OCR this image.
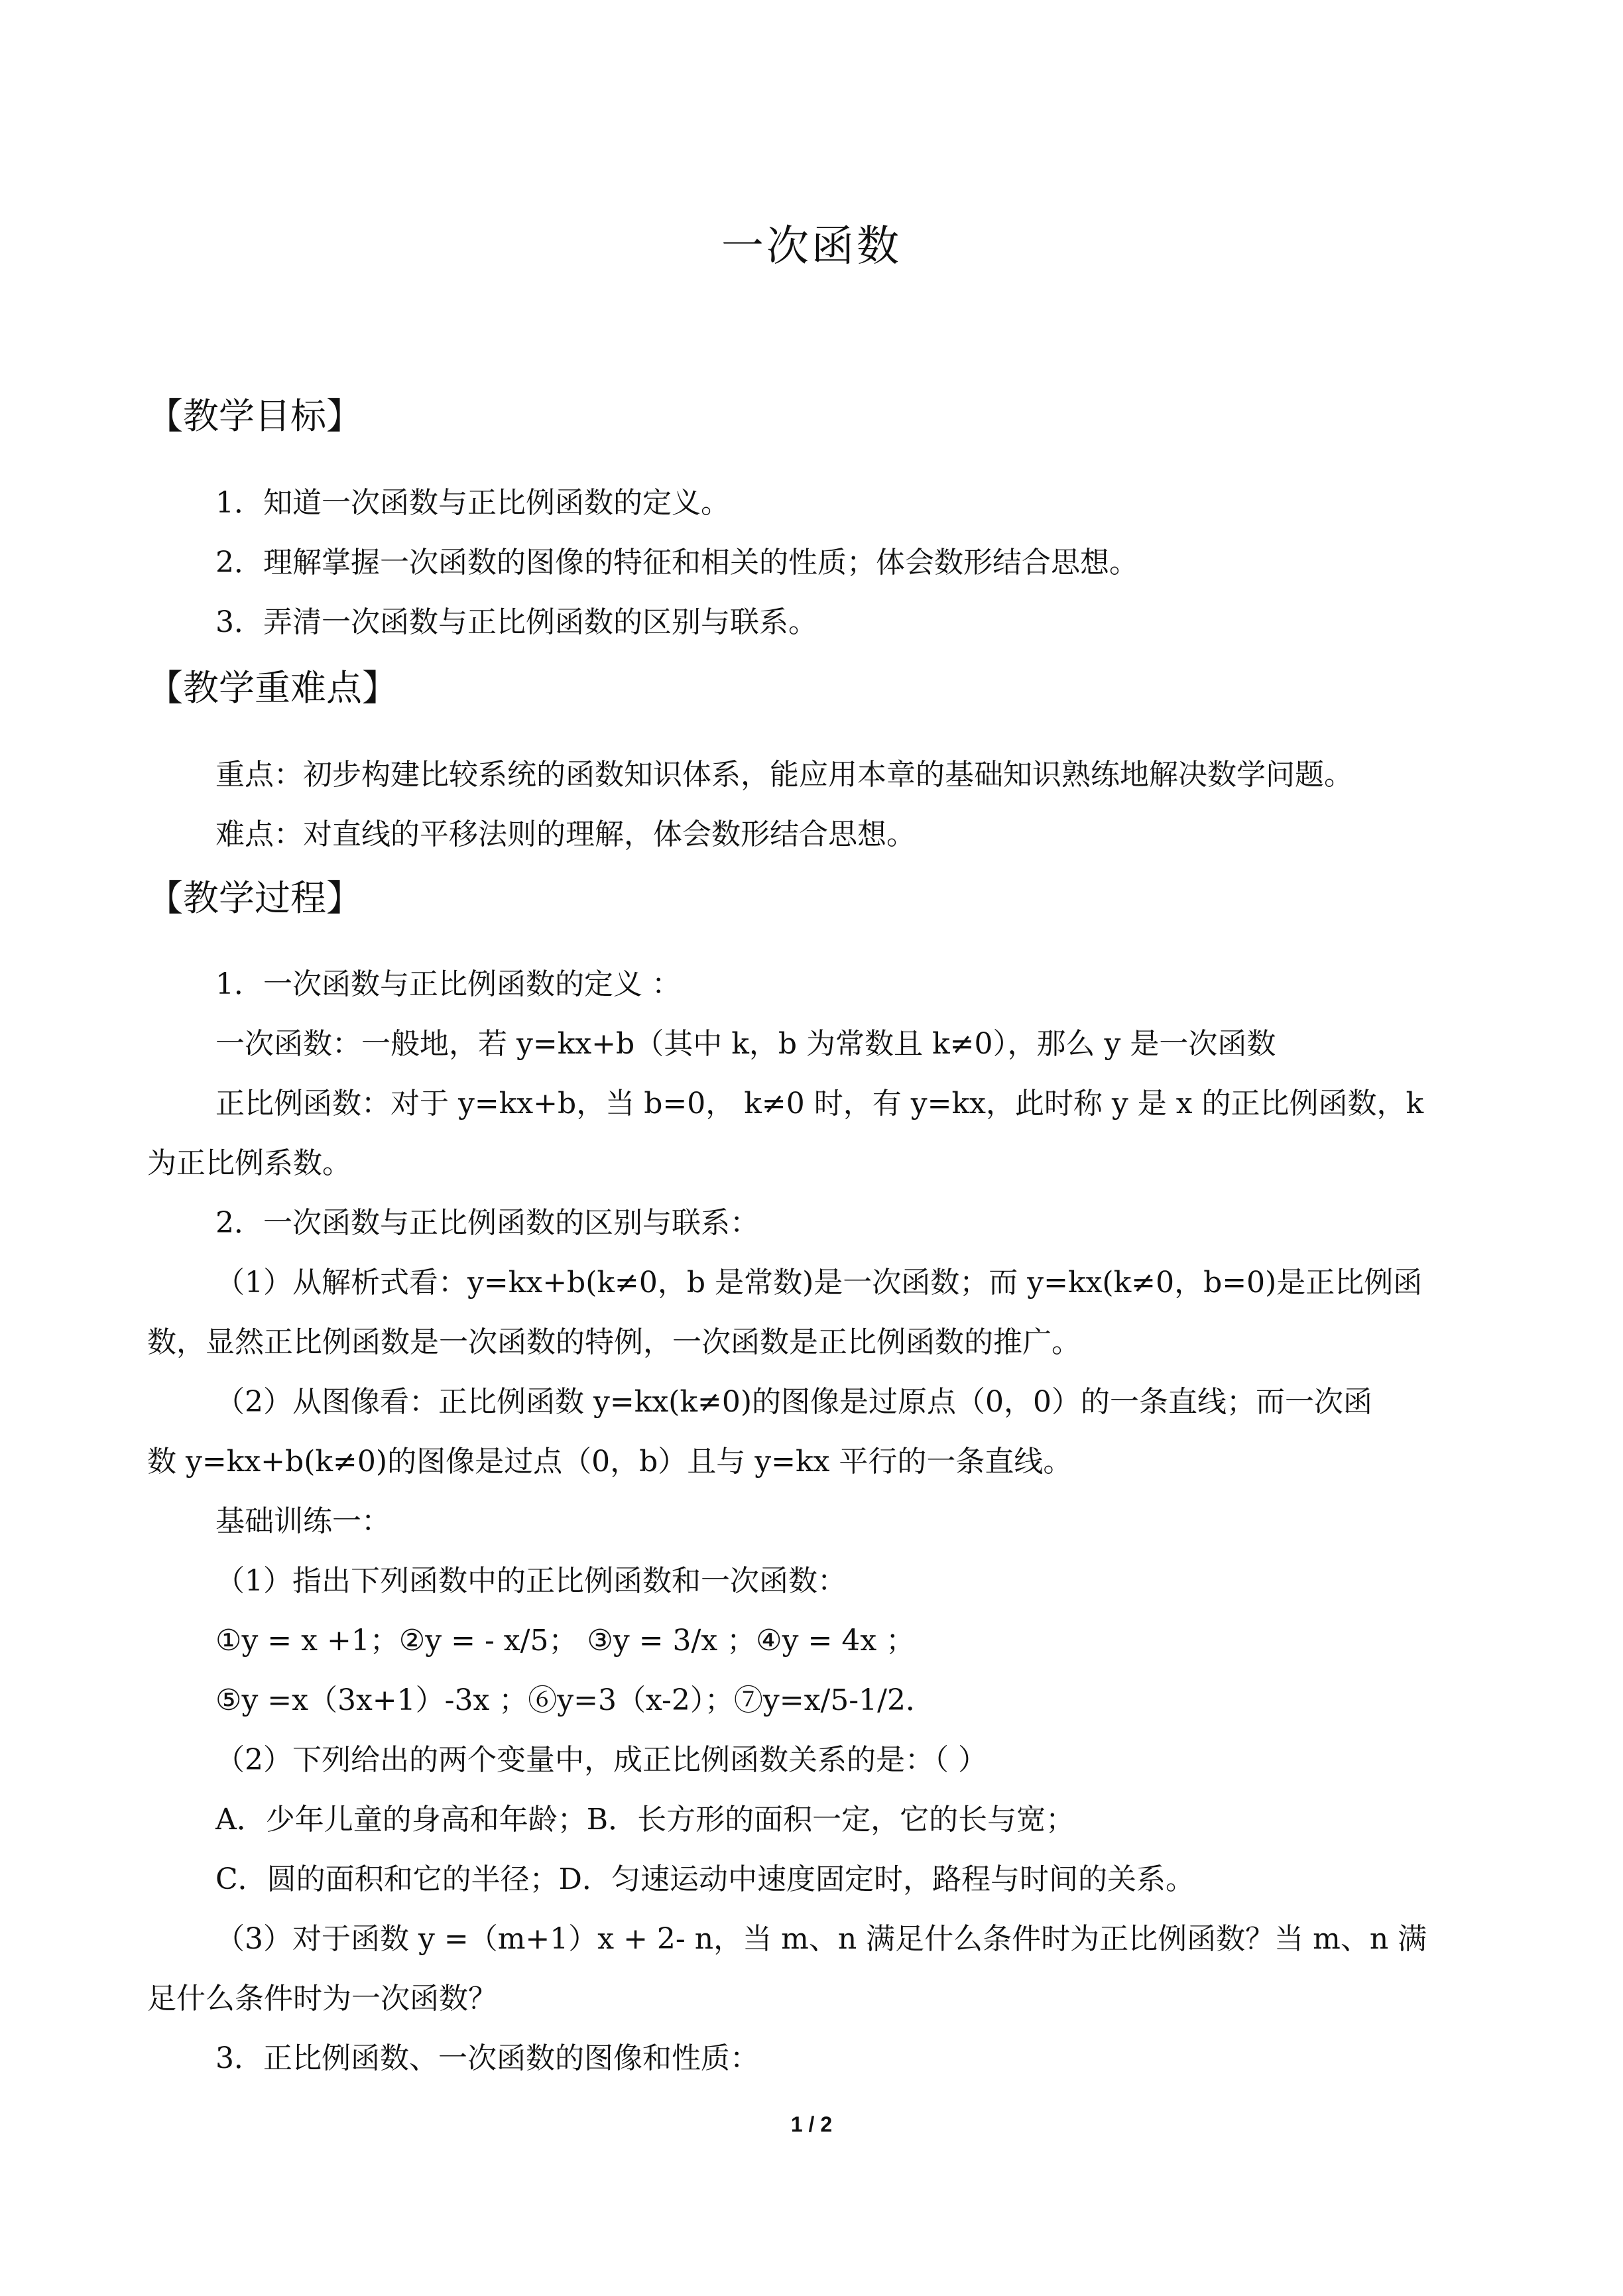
一次函数
【教学目标】
1．知道一次函数与正比例函数的定义。
2．理解掌握一次函数的图像的特征和相关的性质；体会数形结合思想。
3．弄清一次函数与正比例函数的区别与联系。
【教学重难点】
重点：初步构建比较系统的函数知识体系，能应用本章的基础知识熟练地解决数学问题。
难点：对直线的平移法则的理解，体会数形结合思想。
【教学过程】
1．一次函数与正比例函数的定义 ：
一次函数：一般地，若 y=kx+b（其中 k，b 为常数且 k≠0），那么 y 是一次函数
正比例函数：对于 y=kx+b，当 b=0， k≠0 时，有 y=kx，此时称 y 是 x 的正比例函数，k
为正比例系数。
2．一次函数与正比例函数的区别与联系：
（1）从解析式看：y=kx+b(k≠0，b 是常数)是一次函数；而 y=kx(k≠0，b=0)是正比例函
数，显然正比例函数是一次函数的特例，一次函数是正比例函数的推广。
（2）从图像看：正比例函数 y=kx(k≠0)的图像是过原点（0，0）的一条直线；而一次函
数 y=kx+b(k≠0)的图像是过点（0，b）且与 y=kx 平行的一条直线。
基础训练一：
（1）指出下列函数中的正比例函数和一次函数：
①y = x +1；②y = - x/5； ③y = 3/x ；④y = 4x ；
⑤y =x（3x+1）-3x ；⑥y=3（x-2）；⑦y=x/5-1/2．
（2）下列给出的两个变量中，成正比例函数关系的是：（ ）
A．少年儿童的身高和年龄；B．长方形的面积一定，它的长与宽；
C．圆的面积和它的半径；D．匀速运动中速度固定时，路程与时间的关系。
（3）对于函数 y =（m+1）x + 2- n，当 m、n 满足什么条件时为正比例函数？当 m、n 满
足什么条件时为一次函数？
3．正比例函数、一次函数的图像和性质：
1 / 2
